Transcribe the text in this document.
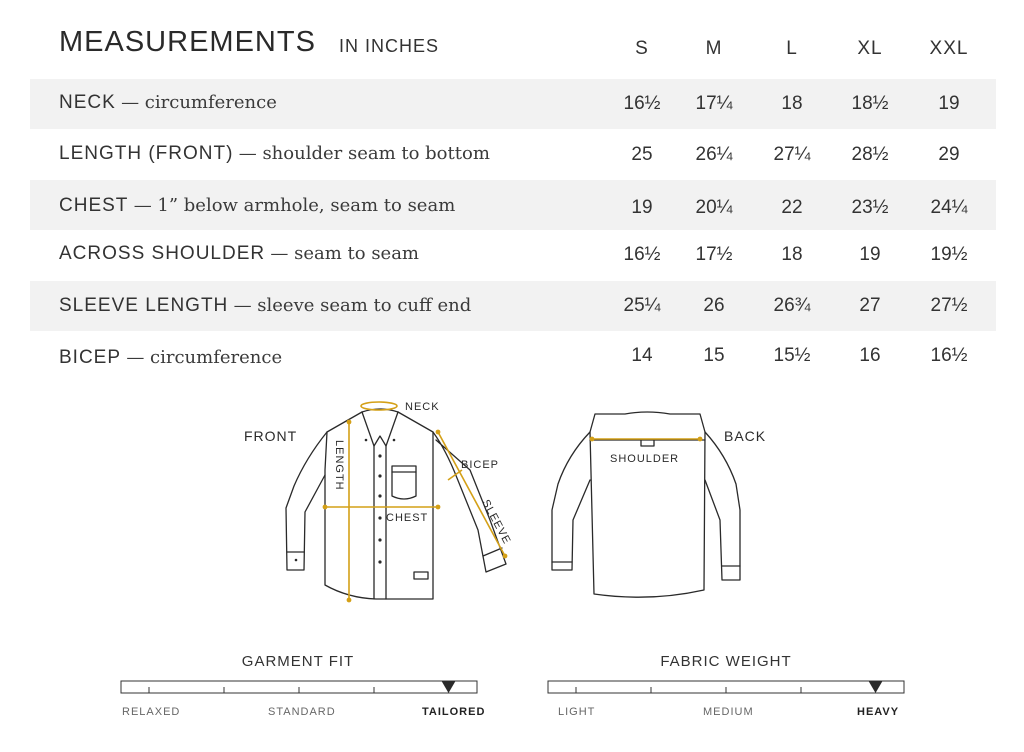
MEASUREMENTS IN INCHES	S	M	L	XL	XXL
NECK — circumference	16½	17¼	18	18½	19
LENGTH (FRONT) — shoulder seam to bottom	25	26¼	27¼	28½	29
CHEST — 1” below armhole, seam to seam	19	20¼	22	23½	24¼
ACROSS SHOULDER — seam to seam	16½	17½	18	19	19½
SLEEVE LENGTH — sleeve seam to cuff end	25¼	26	26¾	27	27½
BICEP — circumference	14	15	15½	16	16½
FRONT	BACK
NECK
BICEP
CHEST
SHOULDER
LENGTH
SLEEVE
GARMENT FIT
RELAXED	STANDARD	TAILORED
FABRIC WEIGHT
LIGHT	MEDIUM	HEAVY
